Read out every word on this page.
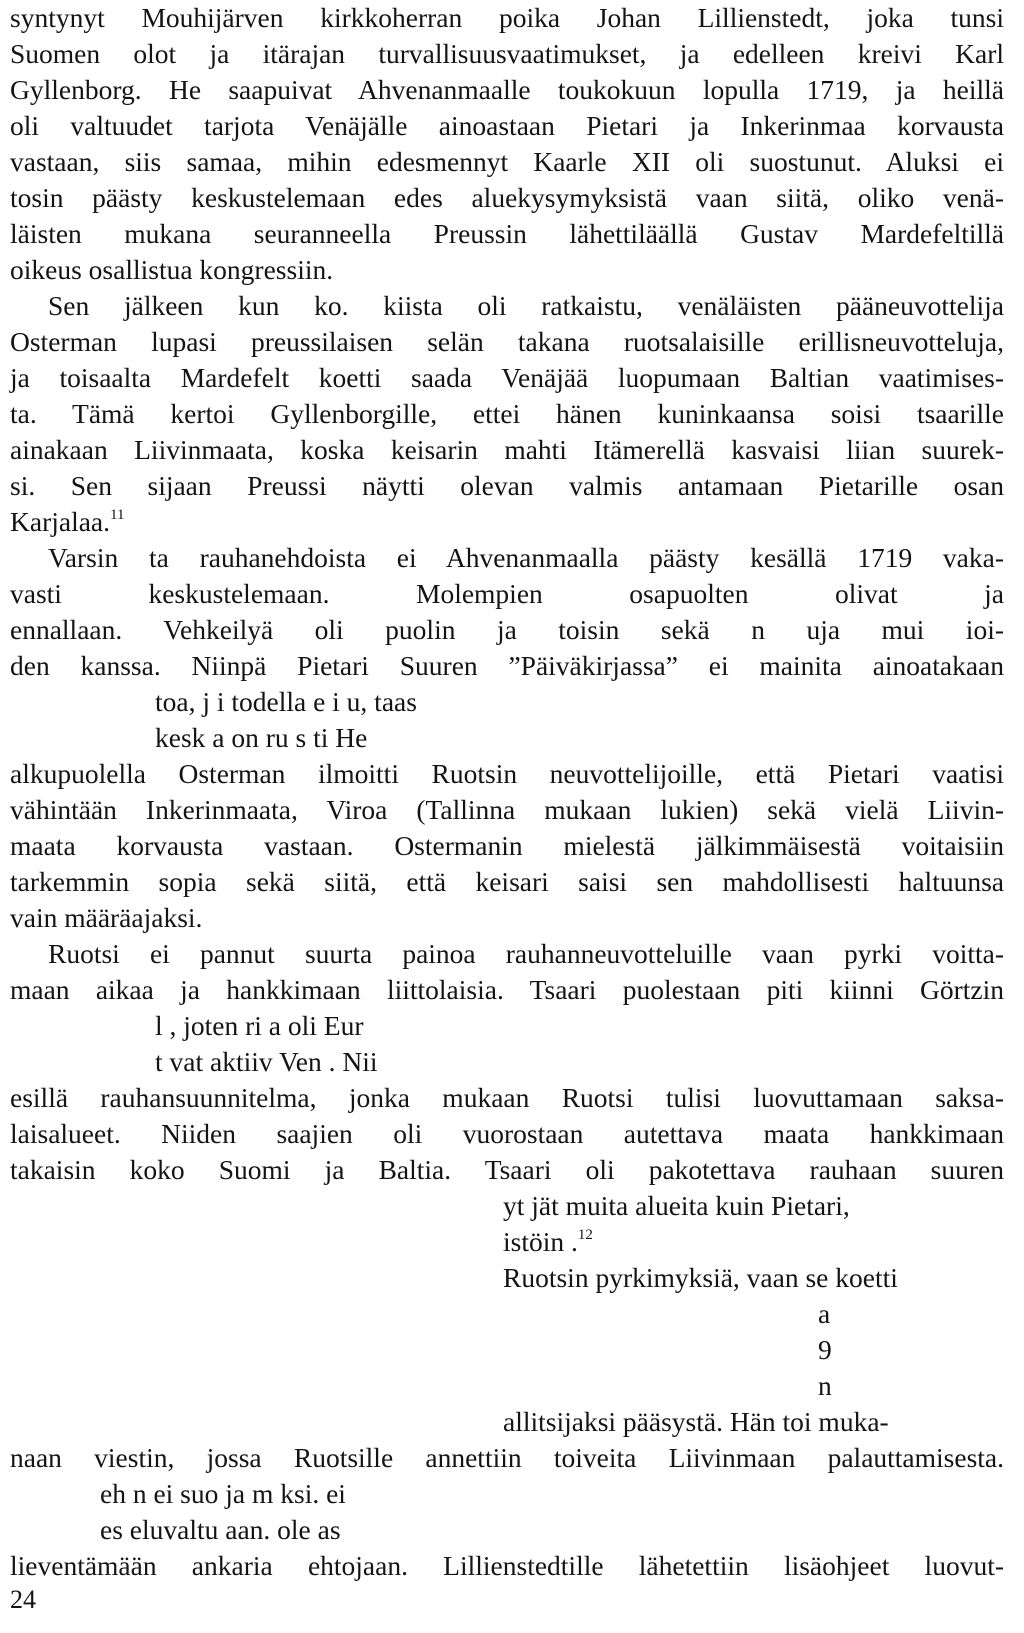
syntynyt Mouhijärven kirkkoherran poika Johan Lillienstedt, joka tunsi
Suomen olot ja itärajan turvallisuusvaatimukset, ja edelleen kreivi Karl
Gyllenborg. He saapuivat Ahvenanmaalle toukokuun lopulla 1719, ja heillä
oli valtuudet tarjota Venäjälle ainoastaan Pietari ja Inkerinmaa korvausta
vastaan, siis samaa, mihin edesmennyt Kaarle XII oli suostunut. Aluksi ei
tosin päästy keskustelemaan edes aluekysymyksistä vaan siitä, oliko venä-
läisten mukana seuranneella Preussin lähettiläällä Gustav Mardefeltillä
oikeus osallistua kongressiin.
Sen jälkeen kun ko. kiista oli ratkaistu, venäläisten pääneuvottelija
Osterman lupasi preussilaisen selän takana ruotsalaisille erillisneuvotteluja,
ja toisaalta Mardefelt koetti saada Venäjää luopumaan Baltian vaatimises-
ta. Tämä kertoi Gyllenborgille, ettei hänen kuninkaansa soisi tsaarille
ainakaan Liivinmaata, koska keisarin mahti Itämerellä kasvaisi liian suurek-
si. Sen sijaan Preussi näytti olevan valmis antamaan Pietarille osan
Karjalaa.$^{11}$
Varsin ta rauhanehdoista ei Ahvenanmaalla päästy kesällä 1719 vaka-
vasti keskustelemaan. Molempien osapuolten olivat ja
ennallaan. Vehkeilyä oli puolin ja toisin sekä n uja mui ioi-
den kanssa. Niinpä Pietari Suuren ”Päiväkirjassa” ei mainita ainoatakaan
toa, j i todella e i u, taas
kesk a on ru s ti He
alkupuolella Osterman ilmoitti Ruotsin neuvottelijoille, että Pietari vaatisi
vähintään Inkerinmaata, Viroa (Tallinna mukaan lukien) sekä vielä Liivin-
maata korvausta vastaan. Ostermanin mielestä jälkimmäisestä voitaisiin
tarkemmin sopia sekä siitä, että keisari saisi sen mahdollisesti haltuunsa
vain määräajaksi.
Ruotsi ei pannut suurta painoa rauhanneuvotteluille vaan pyrki voitta-
maan aikaa ja hankkimaan liittolaisia. Tsaari puolestaan piti kiinni Görtzin
l , joten ri a oli Eur
t vat aktiiv Ven . Nii
esillä rauhansuunnitelma, jonka mukaan Ruotsi tulisi luovuttamaan saksa-
laisalueet. Niiden saajien oli vuorostaan autettava maata hankkimaan
takaisin koko Suomi ja Baltia. Tsaari oli pakotettava rauhaan suuren
yt jät muita alueita kuin Pietari,
istöin .$^{12}$
Ruotsin pyrkimyksiä, vaan se koetti
a
9
n
allitsijaksi pääsystä. Hän toi muka-
naan viestin, jossa Ruotsille annettiin toiveita Liivinmaan palauttamisesta.
eh n ei suo ja m ksi. ei
es eluvaltu aan. ole as
lieventämään ankaria ehtojaan. Lillienstedtille lähetettiin lisäohjeet luovut-
24
